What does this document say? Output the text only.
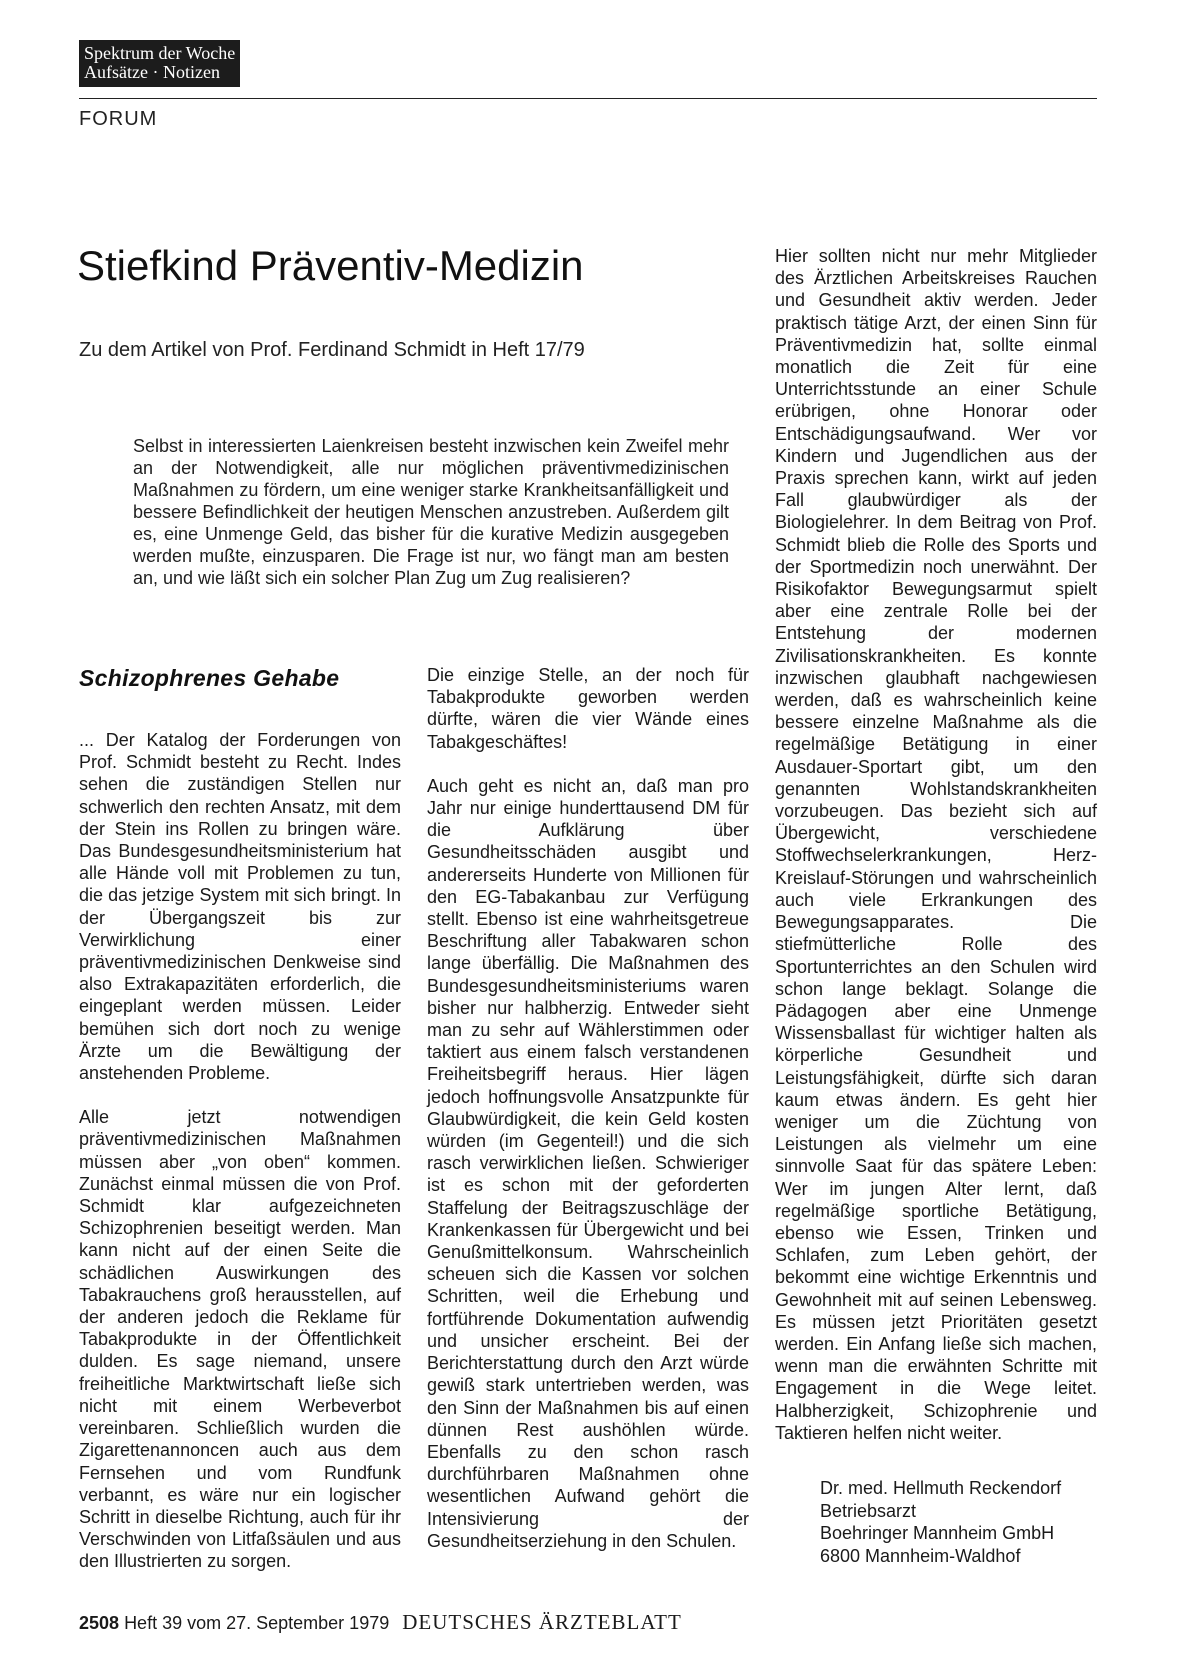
Spektrum der Woche
Aufsätze · Notizen
FORUM
Stiefkind Präventiv-Medizin
Zu dem Artikel von Prof. Ferdinand Schmidt in Heft 17/79

Selbst in interessierten Laienkreisen besteht inzwischen kein Zweifel mehr an der Notwendigkeit, alle nur möglichen präventivmedizinischen Maßnahmen zu fördern, um eine weniger starke Krankheitsanfälligkeit und bessere Befindlichkeit der heutigen Menschen anzustreben. Außerdem gilt es, eine Unmenge Geld, das bisher für die kurative Medizin ausgegeben werden mußte, einzusparen. Die Frage ist nur, wo fängt man am besten an, und wie läßt sich ein solcher Plan Zug um Zug realisieren?

Schizophrenes Gehabe

... Der Katalog der Forderungen von Prof. Schmidt besteht zu Recht. Indes sehen die zuständigen Stellen nur schwerlich den rechten Ansatz, mit dem der Stein ins Rollen zu bringen wäre. Das Bundesgesundheitsministerium hat alle Hände voll mit Problemen zu tun, die das jetzige System mit sich bringt. In der Übergangszeit bis zur Verwirklichung einer präventivmedizinischen Denkweise sind also Extrakapazitäten erforderlich, die eingeplant werden müssen. Leider bemühen sich dort noch zu wenige Ärzte um die Bewältigung der anstehenden Probleme.

Alle jetzt notwendigen präventivmedizinischen Maßnahmen müssen aber „von oben“ kommen. Zunächst einmal müssen die von Prof. Schmidt klar aufgezeichneten Schizophrenien beseitigt werden. Man kann nicht auf der einen Seite die schädlichen Auswirkungen des Tabakrauchens groß herausstellen, auf der anderen jedoch die Reklame für Tabakprodukte in der Öffentlichkeit dulden. Es sage niemand, unsere freiheitliche Marktwirtschaft ließe sich nicht mit einem Werbeverbot vereinbaren. Schließlich wurden die Zigarettenannoncen auch aus dem Fernsehen und vom Rundfunk verbannt, es wäre nur ein logischer Schritt in dieselbe Richtung, auch für ihr Verschwinden von Litfaßsäulen und aus den Illustrierten zu sorgen.

Die einzige Stelle, an der noch für Tabakprodukte geworben werden dürfte, wären die vier Wände eines Tabakgeschäftes!

Auch geht es nicht an, daß man pro Jahr nur einige hunderttausend DM für die Aufklärung über Gesundheitsschäden ausgibt und andererseits Hunderte von Millionen für den EG-Tabakanbau zur Verfügung stellt. Ebenso ist eine wahrheitsgetreue Beschriftung aller Tabakwaren schon lange überfällig. Die Maßnahmen des Bundesgesundheitsministeriums waren bisher nur halbherzig. Entweder sieht man zu sehr auf Wählerstimmen oder taktiert aus einem falsch verstandenen Freiheitsbegriff heraus. Hier lägen jedoch hoffnungsvolle Ansatzpunkte für Glaubwürdigkeit, die kein Geld kosten würden (im Gegenteil!) und die sich rasch verwirklichen ließen. Schwieriger ist es schon mit der geforderten Staffelung der Beitragszuschläge der Krankenkassen für Übergewicht und bei Genußmittelkonsum. Wahrscheinlich scheuen sich die Kassen vor solchen Schritten, weil die Erhebung und fortführende Dokumentation aufwendig und unsicher erscheint. Bei der Berichterstattung durch den Arzt würde gewiß stark untertrieben werden, was den Sinn der Maßnahmen bis auf einen dünnen Rest aushöhlen würde. Ebenfalls zu den schon rasch durchführbaren Maßnahmen ohne wesentlichen Aufwand gehört die Intensivierung der Gesundheitserziehung in den Schulen.

Hier sollten nicht nur mehr Mitglieder des Ärztlichen Arbeitskreises Rauchen und Gesundheit aktiv werden. Jeder praktisch tätige Arzt, der einen Sinn für Präventivmedizin hat, sollte einmal monatlich die Zeit für eine Unterrichtsstunde an einer Schule erübrigen, ohne Honorar oder Entschädigungsaufwand. Wer vor Kindern und Jugendlichen aus der Praxis sprechen kann, wirkt auf jeden Fall glaubwürdiger als der Biologielehrer. In dem Beitrag von Prof. Schmidt blieb die Rolle des Sports und der Sportmedizin noch unerwähnt. Der Risikofaktor Bewegungsarmut spielt aber eine zentrale Rolle bei der Entstehung der modernen Zivilisationskrankheiten. Es konnte inzwischen glaubhaft nachgewiesen werden, daß es wahrscheinlich keine bessere einzelne Maßnahme als die regelmäßige Betätigung in einer Ausdauer-Sportart gibt, um den genannten Wohlstandskrankheiten vorzubeugen. Das bezieht sich auf Übergewicht, verschiedene Stoffwechselerkrankungen, Herz-Kreislauf-Störungen und wahrscheinlich auch viele Erkrankungen des Bewegungsapparates. Die stiefmütterliche Rolle des Sportunterrichtes an den Schulen wird schon lange beklagt. Solange die Pädagogen aber eine Unmenge Wissensballast für wichtiger halten als körperliche Gesundheit und Leistungsfähigkeit, dürfte sich daran kaum etwas ändern. Es geht hier weniger um die Züchtung von Leistungen als vielmehr um eine sinnvolle Saat für das spätere Leben: Wer im jungen Alter lernt, daß regelmäßige sportliche Betätigung, ebenso wie Essen, Trinken und Schlafen, zum Leben gehört, der bekommt eine wichtige Erkenntnis und Gewohnheit mit auf seinen Lebensweg. Es müssen jetzt Prioritäten gesetzt werden. Ein Anfang ließe sich machen, wenn man die erwähnten Schritte mit Engagement in die Wege leitet. Halbherzigkeit, Schizophrenie und Taktieren helfen nicht weiter.

Dr. med. Hellmuth Reckendorf
Betriebsarzt
Boehringer Mannheim GmbH
6800 Mannheim-Waldhof
2508 Heft 39 vom 27. September 1979 DEUTSCHES ÄRZTEBLATT
